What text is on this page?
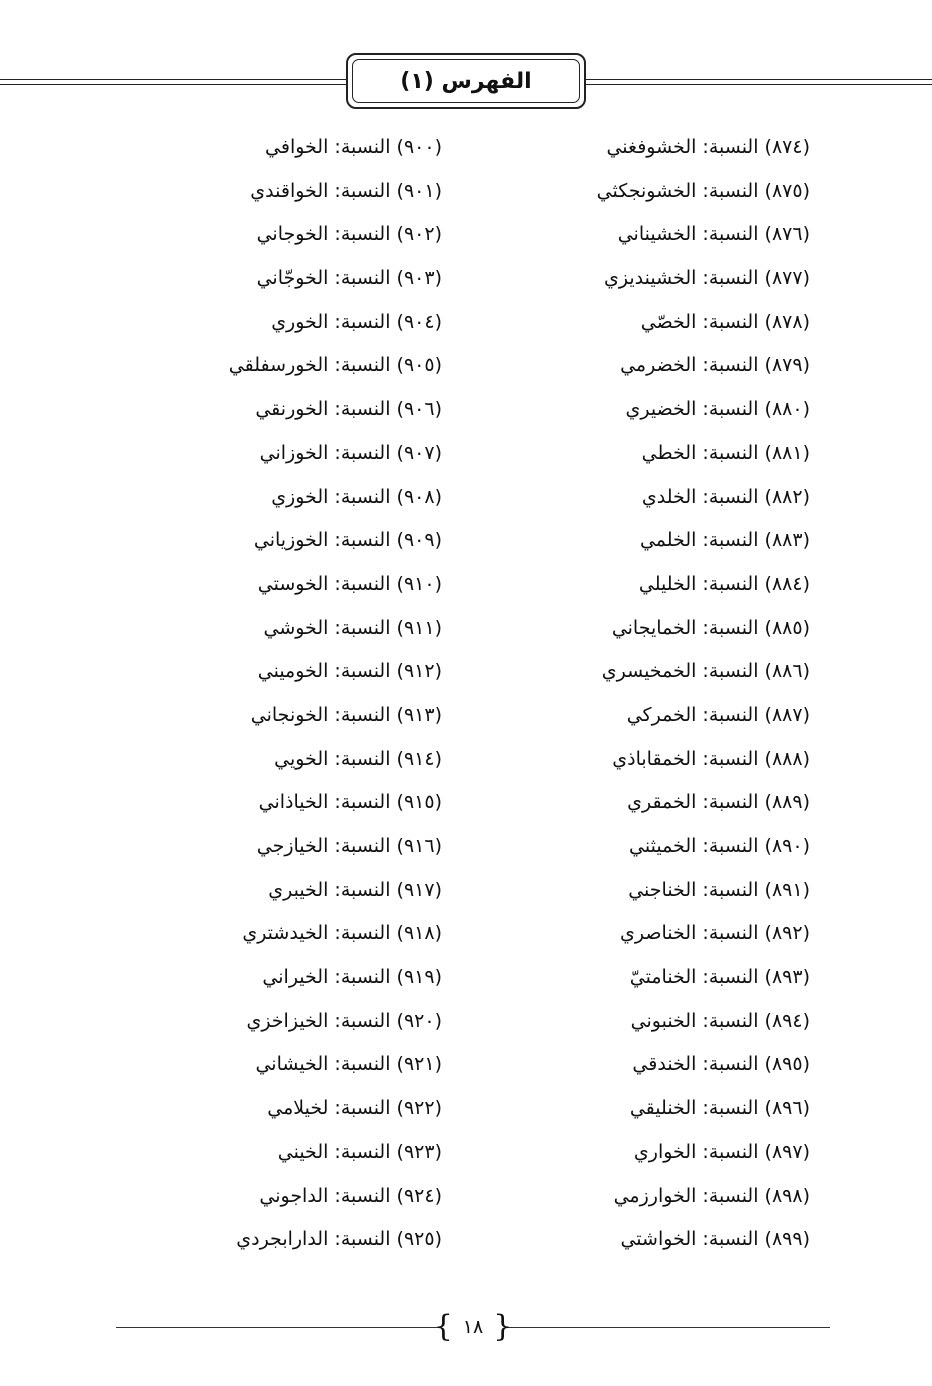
الفهرس (١)
(٨٧٤) النسبة: الخشوفغني
(٨٧٥) النسبة: الخشونجكثي
(٨٧٦) النسبة: الخشيناني
(٨٧٧) النسبة: الخشينديزي
(٨٧٨) النسبة: الخصّي
(٨٧٩) النسبة: الخضرمي
(٨٨٠) النسبة: الخضيري
(٨٨١) النسبة: الخطي
(٨٨٢) النسبة: الخلدي
(٨٨٣) النسبة: الخلمي
(٨٨٤) النسبة: الخليلي
(٨٨٥) النسبة: الخمايجاني
(٨٨٦) النسبة: الخمخيسري
(٨٨٧) النسبة: الخمركي
(٨٨٨) النسبة: الخمقاباذي
(٨٨٩) النسبة: الخمقري
(٨٩٠) النسبة: الخميثني
(٨٩١) النسبة: الخناجني
(٨٩٢) النسبة: الخناصري
(٨٩٣) النسبة: الخنامتيّ
(٨٩٤) النسبة: الخنبوني
(٨٩٥) النسبة: الخندقي
(٨٩٦) النسبة: الخنليقي
(٨٩٧) النسبة: الخواري
(٨٩٨) النسبة: الخوارزمي
(٨٩٩) النسبة: الخواشتي
(٩٠٠) النسبة: الخوافي
(٩٠١) النسبة: الخواقندي
(٩٠٢) النسبة: الخوجاني
(٩٠٣) النسبة: الخوجّاني
(٩٠٤) النسبة: الخوري
(٩٠٥) النسبة: الخورسفلقي
(٩٠٦) النسبة: الخورنقي
(٩٠٧) النسبة: الخوزاني
(٩٠٨) النسبة: الخوزي
(٩٠٩) النسبة: الخوزياني
(٩١٠) النسبة: الخوستي
(٩١١) النسبة: الخوشي
(٩١٢) النسبة: الخوميني
(٩١٣) النسبة: الخونجاني
(٩١٤) النسبة: الخويي
(٩١٥) النسبة: الخياذاني
(٩١٦) النسبة: الخيازجي
(٩١٧) النسبة: الخيبري
(٩١٨) النسبة: الخيدشتري
(٩١٩) النسبة: الخيراني
(٩٢٠) النسبة: الخيزاخزي
(٩٢١) النسبة: الخيشاني
(٩٢٢) النسبة: لخيلامي
(٩٢٣) النسبة: الخيني
(٩٢٤) النسبة: الداجوني
(٩٢٥) النسبة: الدارابجردي
{ ١٨ }
